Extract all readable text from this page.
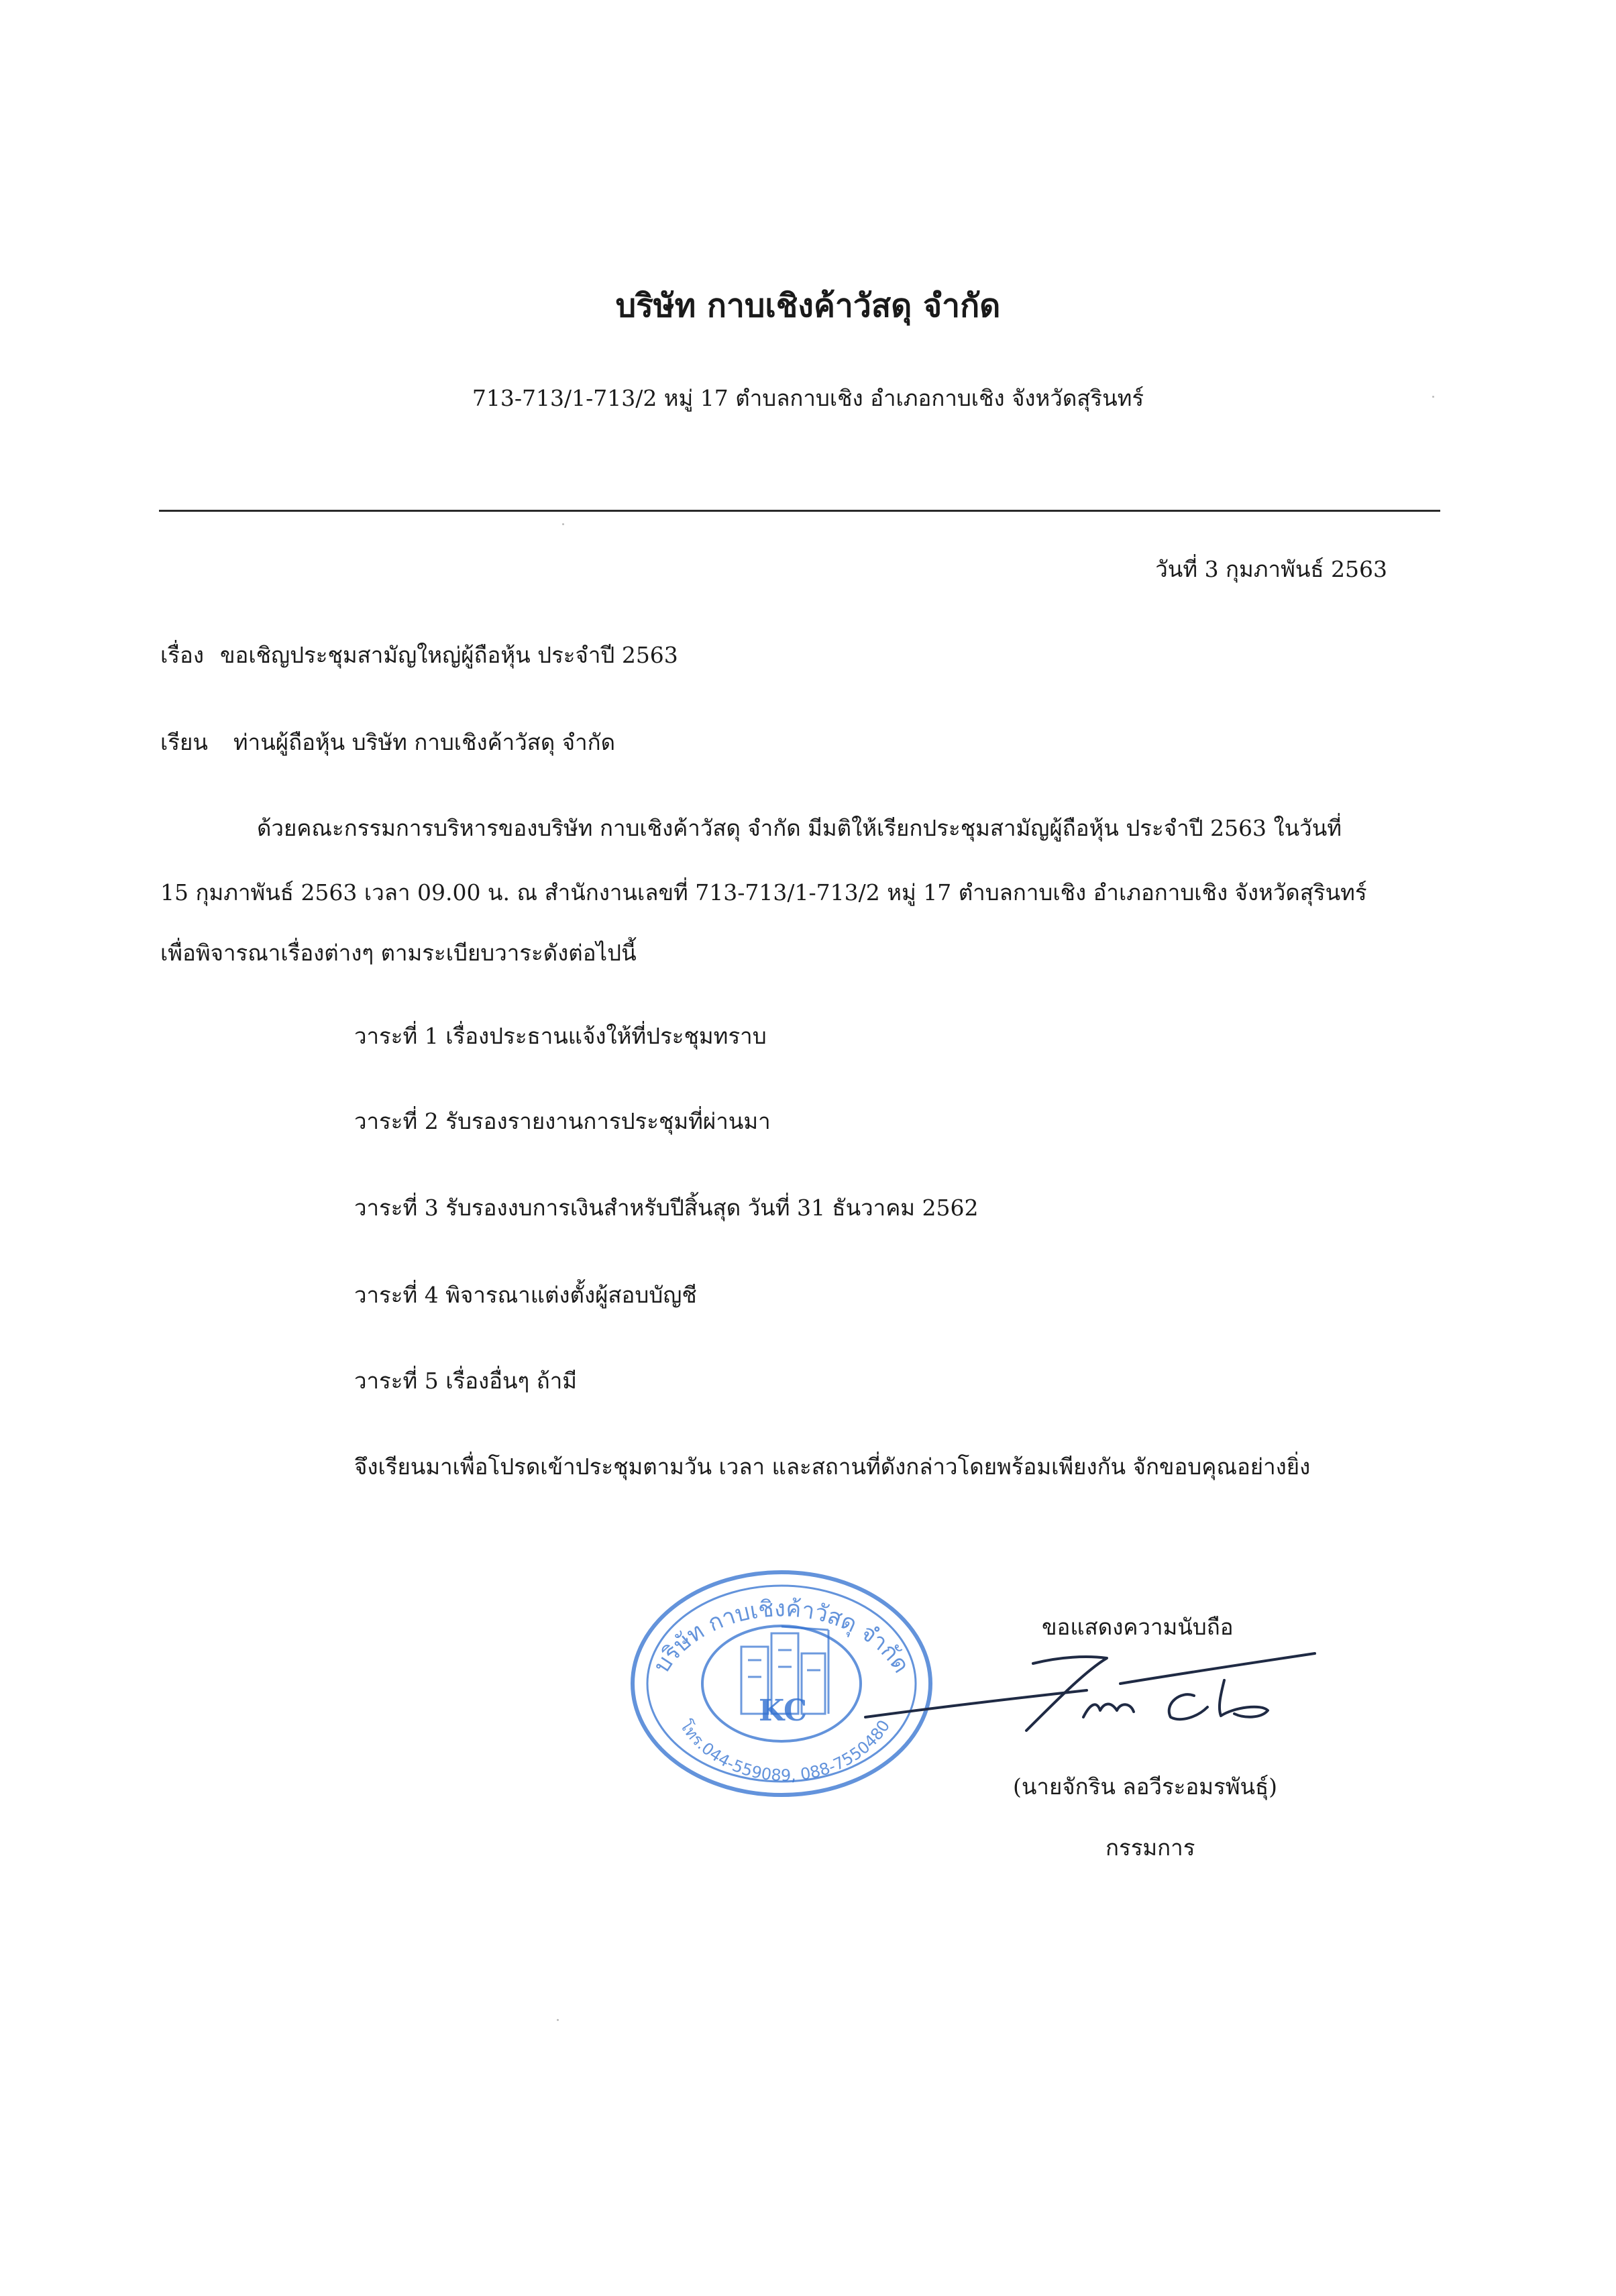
บริษัท กาบเชิงค้าวัสดุ จำกัด
713-713/1-713/2 หมู่ 17 ตำบลกาบเชิง อำเภอกาบเชิง จังหวัดสุรินทร์
วันที่ 3 กุมภาพันธ์ 2563
เรื่อง ขอเชิญประชุมสามัญใหญ่ผู้ถือหุ้น ประจำปี 2563
เรียน ท่านผู้ถือหุ้น บริษัท กาบเชิงค้าวัสดุ จำกัด
ด้วยคณะกรรมการบริหารของบริษัท กาบเชิงค้าวัสดุ จำกัด มีมติให้เรียกประชุมสามัญผู้ถือหุ้น ประจำปี 2563 ในวันที่
15 กุมภาพันธ์ 2563 เวลา 09.00 น. ณ สำนักงานเลขที่ 713-713/1-713/2 หมู่ 17 ตำบลกาบเชิง อำเภอกาบเชิง จังหวัดสุรินทร์
เพื่อพิจารณาเรื่องต่างๆ ตามระเบียบวาระดังต่อไปนี้
วาระที่ 1 เรื่องประธานแจ้งให้ที่ประชุมทราบ
วาระที่ 2 รับรองรายงานการประชุมที่ผ่านมา
วาระที่ 3 รับรองงบการเงินสำหรับปีสิ้นสุด วันที่ 31 ธันวาคม 2562
วาระที่ 4 พิจารณาแต่งตั้งผู้สอบบัญชี
วาระที่ 5 เรื่องอื่นๆ ถ้ามี
จึงเรียนมาเพื่อโปรดเข้าประชุมตามวัน เวลา และสถานที่ดังกล่าวโดยพร้อมเพียงกัน จักขอบคุณอย่างยิ่ง
บริษัท กาบเชิงค้าวัสดุ จำกัด
โทร.044-559089, 088-7550480
KC
ขอแสดงความนับถือ
(นายจักริน ลอวีระอมรพันธุ์)
กรรมการ
